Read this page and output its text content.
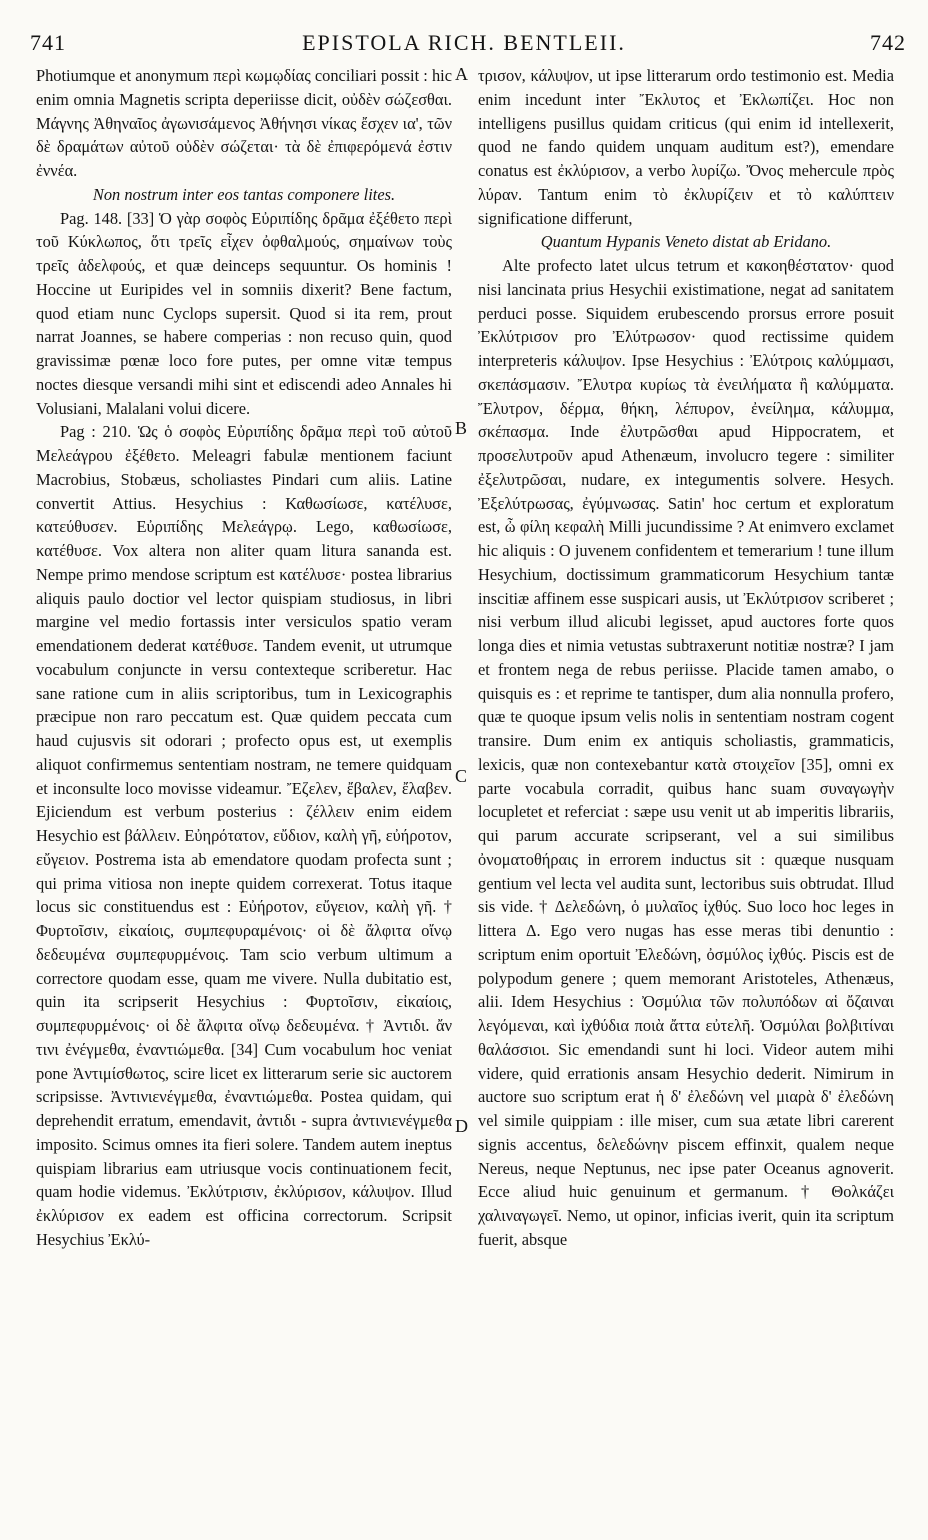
741	EPISTOLA RICH. BENTLEII.	742

Photiumque et anonymum περὶ κωμῳδίας conciliari possit : hic enim omnia Magnetis scripta deperiisse dicit, οὐδὲν σώζεσθαι. Μάγνης Ἀθηναῖος ἀγωνισάμενος Ἀθήνησι νίκας ἔσχεν ια', τῶν δὲ δραμάτων αὐτοῦ οὐδὲν σώζεται· τὰ δὲ ἐπιφερόμενά ἐστιν ἐννέα.

Non nostrum inter eos tantas componere lites.

Pag. 148. [33] Ὁ γὰρ σοφὸς Εὐριπίδης δρᾶμα ἐξέθετο περὶ τοῦ Κύκλωπος, ὅτι τρεῖς εἶχεν ὀφθαλμούς, σημαίνων τοὺς τρεῖς ἀδελφούς, et quæ deinceps sequuntur. Os hominis ! Hoccine ut Euripides vel in somniis dixerit? Bene factum, quod etiam nunc Cyclops supersit. Quod si ita rem, prout narrat Joannes, se habere comperias : non recuso quin, quod gravissimæ pœnæ loco fore putes, per omne vitæ tempus noctes diesque versandi mihi sint et ediscendi adeo Annales hi Volusiani, Malalani volui dicere.

Pag : 210. Ὡς ὁ σοφὸς Εὐριπίδης δρᾶμα περὶ τοῦ αὐτοῦ Μελεάγρου ἐξέθετο. Meleagri fabulæ mentionem faciunt Macrobius, Stobæus, scholiastes Pindari cum aliis. Latine convertit Attius. Hesychius : Καθωσίωσε, κατέλυσε, κατεύθυσεν. Εὐριπίδης Μελεάγρῳ. Lego, καθωσίωσε, κατέθυσε. Vox altera non aliter quam litura sananda est. Nempe primo mendose scriptum est κατέλυσε· postea librarius aliquis paulo doctior vel lector quispiam studiosus, in libri margine vel medio fortassis inter versiculos spatio veram emendationem dederat κατέθυσε. Tandem evenit, ut utrumque vocabulum conjuncte in versu contexteque scriberetur. Hac sane ratione cum in aliis scriptoribus, tum in Lexicographis præcipue non raro peccatum est. Quæ quidem peccata cum haud cujusvis sit odorari ; profecto opus est, ut exemplis aliquot confirmemus sententiam nostram, ne temere quidquam et inconsulte loco movisse videamur. Ἔζελεν, ἔβαλεν, ἔλαβεν. Ejiciendum est verbum posterius : ζέλλειν enim eidem Hesychio est βάλλειν. Εὐηρότατον, εὔδιον, καλὴ γῆ, εὐήροτον, εὔγειον. Postrema ista ab emendatore quodam profecta sunt ; qui prima vitiosa non inepte quidem correxerat. Totus itaque locus sic constituendus est : Εὐήροτον, εὔγειον, καλὴ γῆ. † Φυρτοῖσιν, εἰκαίοις, συμπεφυραμένοις· οἱ δὲ ἄλφιτα οἴνῳ δεδευμένα συμπεφυρμένοις. Tam scio verbum ultimum a correctore quodam esse, quam me vivere. Nulla dubitatio est, quin ita scripserit Hesychius : Φυρτοῖσιν, εἰκαίοις, συμπεφυρμένοις· οἱ δὲ ἄλφιτα οἴνῳ δεδευμένα. † Ἀντιδι. ἄν τινι ἐνέγμεθα, ἐναντιώμεθα. [34] Cum vocabulum hoc veniat pone Ἀντιμίσθωτος, scire licet ex litterarum serie sic auctorem scripsisse. Ἀντινιενέγμεθα, ἐναντιώμεθα. Postea quidam, qui deprehendit erratum, emendavit, ἀντιδι - supra ἀντινιενέγμεθα imposito. Scimus omnes ita fieri solere. Tandem autem ineptus quispiam librarius eam utriusque vocis continuationem fecit, quam hodie videmus. Ἐκλύτρισιν, ἐκλύρισον, κάλυψον. Illud ἐκλύρισον ex eadem est officina correctorum. Scripsit Hesychius Ἐκλύ-

A
B
C
D

τρισον, κάλυψον, ut ipse litterarum ordo testimonio est. Media enim incedunt inter Ἔκλυτος et Ἐκλωπίζει. Hoc non intelligens pusillus quidam criticus (qui enim id intellexerit, quod ne fando quidem unquam auditum est?), emendare conatus est ἐκλύρισον, a verbo λυρίζω. Ὄνος mehercule πρὸς λύραν. Tantum enim τὸ ἐκλυρίζειν et τὸ καλύπτειν significatione differunt,

Quantum Hypanis Veneto distat ab Eridano.

Alte profecto latet ulcus tetrum et κακοηθέστατον· quod nisi lancinata prius Hesychii existimatione, negat ad sanitatem perduci posse. Siquidem erubescendo prorsus errore posuit Ἐκλύτρισον pro Ἐλύτρωσον· quod rectissime quidem interpreteris κάλυψον. Ipse Hesychius : Ἐλύτροις καλύμμασι, σκεπάσμασιν. Ἔλυτρα κυρίως τὰ ἐνειλήματα ἢ καλύμματα. Ἔλυτρον, δέρμα, θήκη, λέπυρον, ἐνείλημα, κάλυμμα, σκέπασμα. Inde ἐλυτρῶσθαι apud Hippocratem, et προσελυτροῦν apud Athenæum, involucro tegere : similiter ἐξελυτρῶσαι, nudare, ex integumentis solvere. Hesych. Ἐξελύτρωσας, ἐγύμνωσας. Satin' hoc certum et exploratum est, ὦ φίλη κεφαλὴ Milli jucundissime ? At enimvero exclamet hic aliquis : O juvenem confidentem et temerarium ! tune illum Hesychium, doctissimum grammaticorum Hesychium tantæ inscitiæ affinem esse suspicari ausis, ut Ἐκλύτρισον scriberet ; nisi verbum illud alicubi legisset, apud auctores forte quos longa dies et nimia vetustas subtraxerunt notitiæ nostræ? I jam et frontem nega de rebus periisse. Placide tamen amabo, o quisquis es : et reprime te tantisper, dum alia nonnulla profero, quæ te quoque ipsum velis nolis in sententiam nostram cogent transire. Dum enim ex antiquis scholiastis, grammaticis, lexicis, quæ non contexebantur κατὰ στοιχεῖον [35], omni ex parte vocabula corradit, quibus hanc suam συναγωγὴν locupletet et referciat : sæpe usu venit ut ab imperitis librariis, qui parum accurate scripserant, vel a sui similibus ὀνοματοθήραις in errorem inductus sit : quæque nusquam gentium vel lecta vel audita sunt, lectoribus suis obtrudat. Illud sis vide. † Δελεδώνη, ὁ μυλαῖος ἰχθύς. Suo loco hoc leges in littera Δ. Ego vero nugas has esse meras tibi denuntio : scriptum enim oportuit Ἐλεδώνη, ὀσμύλος ἰχθύς. Piscis est de polypodum genere ; quem memorant Aristoteles, Athenæus, alii. Idem Hesychius : Ὀσμύλια τῶν πολυπόδων αἱ ὄζαιναι λεγόμεναι, καὶ ἰχθύδια ποιὰ ἄττα εὐτελῆ. Ὀσμύλαι βολβιτίναι θαλάσσιοι. Sic emendandi sunt hi loci. Videor autem mihi videre, quid errationis ansam Hesychio dederit. Nimirum in auctore suo scriptum erat ἡ δ' ἐλεδώνη vel μιαρὰ δ' ἐλεδώνη vel simile quippiam : ille miser, cum sua ætate libri carerent signis accentus, δελεδώνην piscem effinxit, qualem neque Nereus, neque Neptunus, nec ipse pater Oceanus agnoverit. Ecce aliud huic genuinum et germanum. † Θολκάζει χαλιναγωγεῖ. Nemo, ut opinor, inficias iverit, quin ita scriptum fuerit, absque
